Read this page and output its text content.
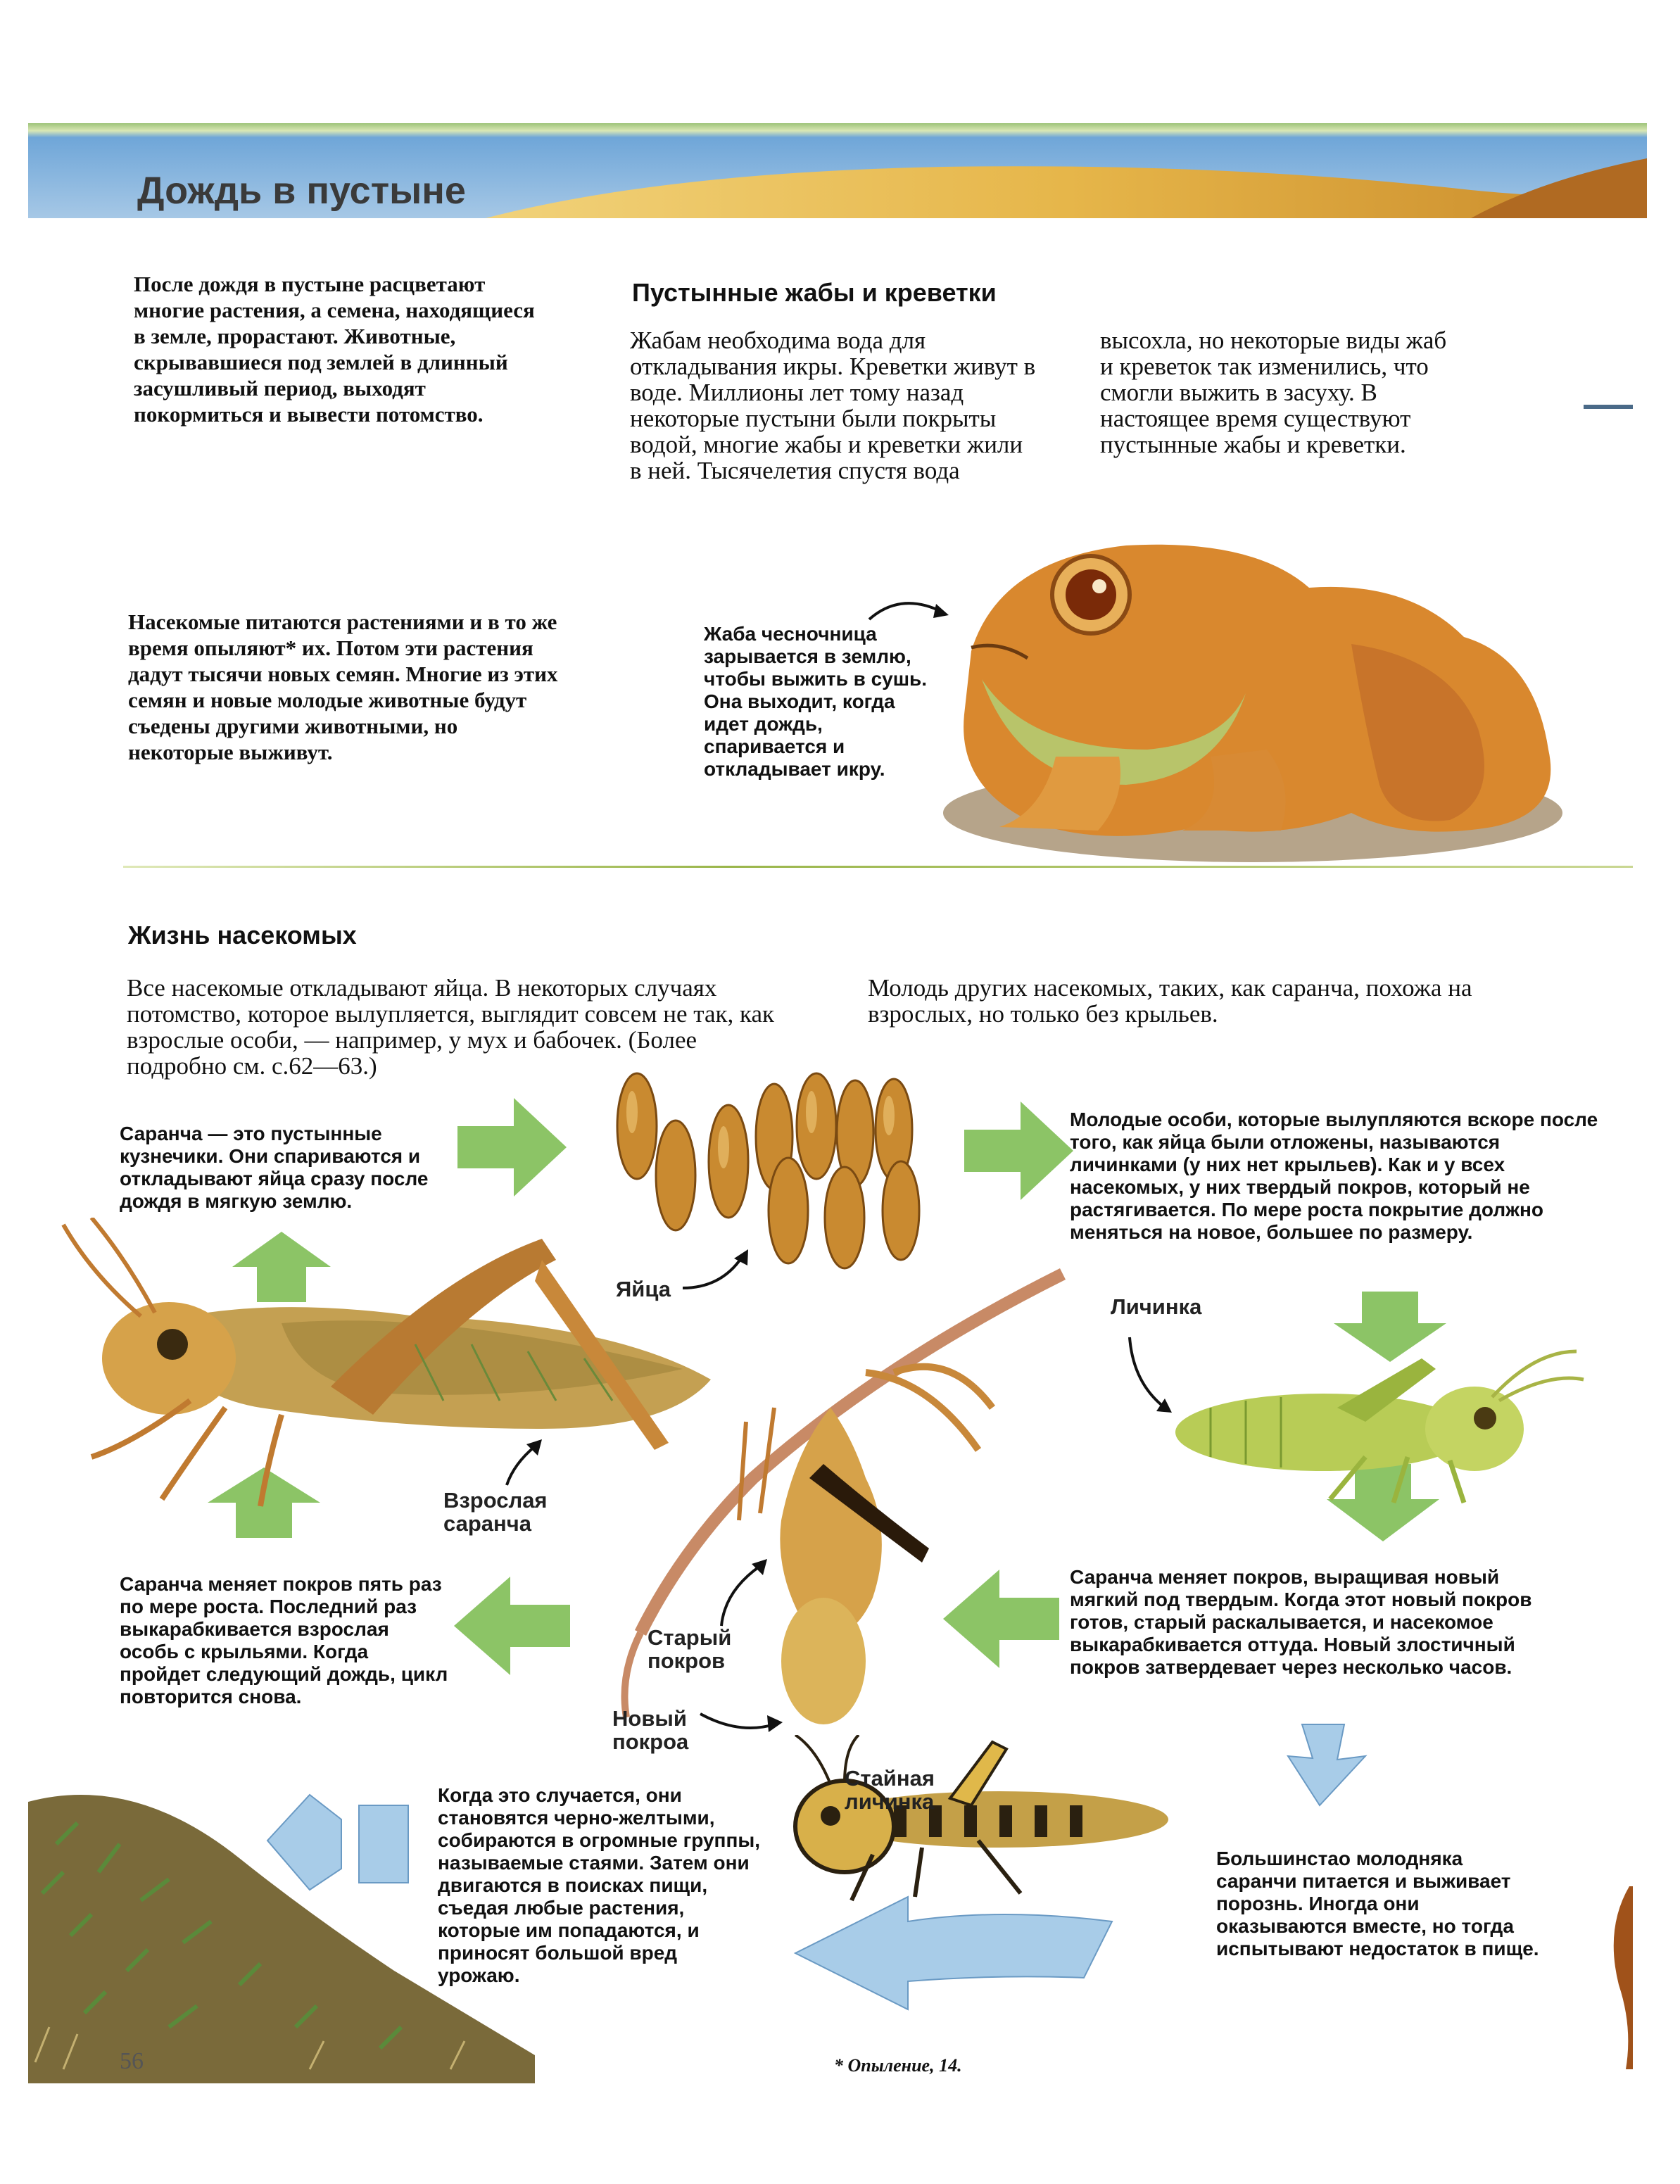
Дождь в пустыне

После дождя в пустыне расцветают многие растения, а семена, находящиеся в земле, прорастают. Животные, скрывавшиеся под землей в длинный засушливый период, выходят покормиться и вывести потомство.

Насекомые питаются растениями и в то же время опыляют* их. Потом эти растения дадут тысячи новых семян. Многие из этих семян и новые молодые животные будут съедены другими животными, но некоторые выживут.

Пустынные жабы и креветки

Жабам необходима вода для откладывания икры. Креветки живут в воде. Миллионы лет тому назад некоторые пустыни были покрыты водой, многие жабы и креветки жили в ней. Тысячелетия спустя вода

высохла, но некоторые виды жаб и креветок так изменились, что смогли выжить в засуху. В настоящее время существуют пустынные жабы и креветки.

Жаба чесночница зарывается в землю, чтобы выжить в сушь. Она выходит, когда идет дождь, спаривается и откладывает икру.

Жизнь насекомых

Все насекомые откладывают яйца. В некоторых случаях потомство, которое вылупляется, выглядит совсем не так, как взрослые особи, — например, у мух и бабочек. (Более подробно см. с.62—63.)

Молодь других насекомых, таких, как саранча, похожа на взрослых, но только без крыльев.

Саранча — это пустынные кузнечики. Они спариваются и откладывают яйца сразу после дождя в мягкую землю.

Яйца
Взрослая саранча
Личинка

Молодые особи, которые вылупляются вскоре после того, как яйца были отложены, называются личинками (у них нет крыльев). Как и у всех насекомых, у них твердый покров, который не растягивается. По мере роста покрытие должно меняться на новое, большее по размеру.

Саранча меняет покров пять раз по мере роста. Последний раз выкарабкивается взрослая особь с крыльями. Когда пройдет следующий дождь, цикл повторится снова.

Старый покров
Новый покроа

Саранча меняет покров, выращивая новый мягкий под твердым. Когда этот новый покров готов, старый раскалывается, и насекомое выкарабкивается оттуда. Новый злостичный покров затвердевает через несколько часов.

Когда это случается, они становятся черно-желтыми, собираются в огромные группы, называемые стаями. Затем они двигаются в поисках пищи, съедая любые растения, которые им попадаются, и приносят большой вред урожаю.

Стайная личинка

Большинстао молодняка саранчи питается и выживает порознь. Иногда они оказываются вместе, но тогда испытывают недостаток в пище.

56	* Опыление, 14.
